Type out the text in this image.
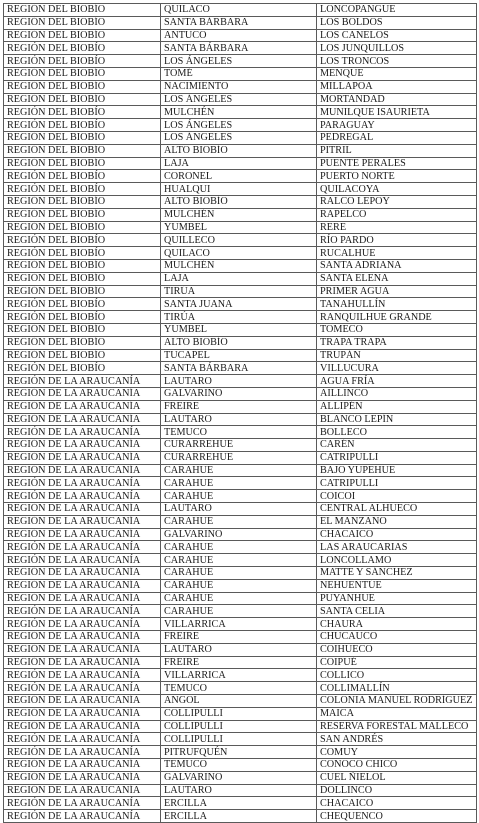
REGIÓN DEL BIOBÍO	QUILACO	LONCOPANGUE
REGIÓN DEL BIOBÍO	SANTA BÁRBARA	LOS BOLDOS
REGIÓN DEL BIOBÍO	ANTUCO	LOS CANELOS
REGIÓN DEL BIOBÍO	SANTA BÁRBARA	LOS JUNQUILLOS
REGIÓN DEL BIOBÍO	LOS ÁNGELES	LOS TRONCOS
REGIÓN DEL BIOBÍO	TOMÉ	MENQUE
REGIÓN DEL BIOBÍO	NACIMIENTO	MILLAPOA
REGIÓN DEL BIOBÍO	LOS ÁNGELES	MORTANDAD
REGIÓN DEL BIOBÍO	MULCHÉN	MUNILQUE ISAURIETA
REGIÓN DEL BIOBÍO	LOS ÁNGELES	PARAGUAY
REGIÓN DEL BIOBÍO	LOS ÁNGELES	PEDREGAL
REGIÓN DEL BIOBÍO	ALTO BIOBÍO	PITRIL
REGIÓN DEL BIOBÍO	LAJA	PUENTE PERALES
REGIÓN DEL BIOBÍO	CORONEL	PUERTO NORTE
REGIÓN DEL BIOBÍO	HUALQUI	QUILACOYA
REGIÓN DEL BIOBÍO	ALTO BIOBÍO	RALCO LEPOY
REGIÓN DEL BIOBÍO	MULCHÉN	RAPELCO
REGIÓN DEL BIOBÍO	YUMBEL	RERE
REGIÓN DEL BIOBÍO	QUILLECO	RÍO PARDO
REGIÓN DEL BIOBÍO	QUILACO	RUCALHUE
REGIÓN DEL BIOBÍO	MULCHÉN	SANTA ADRIANA
REGIÓN DEL BIOBÍO	LAJA	SANTA ELENA
REGIÓN DEL BIOBÍO	TIRÚA	PRIMER AGUA
REGIÓN DEL BIOBÍO	SANTA JUANA	TANAHULLÍN
REGIÓN DEL BIOBÍO	TIRÚA	RANQUILHUE GRANDE
REGIÓN DEL BIOBÍO	YUMBEL	TOMECO
REGIÓN DEL BIOBÍO	ALTO BIOBÍO	TRAPA TRAPA
REGIÓN DEL BIOBÍO	TUCAPEL	TRUPÁN
REGIÓN DEL BIOBÍO	SANTA BÁRBARA	VILLUCURA
REGIÓN DE LA ARAUCANÍA	LAUTARO	AGUA FRÍA
REGIÓN DE LA ARAUCANÍA	GALVARINO	AILLINCO
REGIÓN DE LA ARAUCANÍA	FREIRE	ALLIPÉN
REGIÓN DE LA ARAUCANÍA	LAUTARO	BLANCO LEPÍN
REGIÓN DE LA ARAUCANÍA	TEMUCO	BOLLECO
REGIÓN DE LA ARAUCANÍA	CURARREHUE	CARÉN
REGIÓN DE LA ARAUCANÍA	CURARREHUE	CATRIPULLI
REGIÓN DE LA ARAUCANÍA	CARAHUE	BAJO YUPEHUE
REGIÓN DE LA ARAUCANÍA	CARAHUE	CATRIPULLI
REGIÓN DE LA ARAUCANÍA	CARAHUE	COICOI
REGIÓN DE LA ARAUCANÍA	LAUTARO	CENTRAL ALHUECO
REGIÓN DE LA ARAUCANÍA	CARAHUE	EL MANZANO
REGIÓN DE LA ARAUCANÍA	GALVARINO	CHACAICO
REGIÓN DE LA ARAUCANÍA	CARAHUE	LAS ARAUCARIAS
REGIÓN DE LA ARAUCANÍA	CARAHUE	LONCOLLAMO
REGIÓN DE LA ARAUCANÍA	CARAHUE	MATTE Y SÁNCHEZ
REGIÓN DE LA ARAUCANÍA	CARAHUE	NEHUENTÚE
REGIÓN DE LA ARAUCANÍA	CARAHUE	PUYANHUE
REGIÓN DE LA ARAUCANÍA	CARAHUE	SANTA CELIA
REGIÓN DE LA ARAUCANÍA	VILLARRICA	CHAURA
REGIÓN DE LA ARAUCANÍA	FREIRE	CHUCAUCO
REGIÓN DE LA ARAUCANÍA	LAUTARO	COIHUECO
REGIÓN DE LA ARAUCANÍA	FREIRE	COIPUÉ
REGIÓN DE LA ARAUCANÍA	VILLARRICA	COLLICO
REGIÓN DE LA ARAUCANÍA	TEMUCO	COLLIMALLÍN
REGIÓN DE LA ARAUCANÍA	ANGOL	COLONIA MANUEL RODRÍGUEZ
REGIÓN DE LA ARAUCANÍA	COLLIPULLI	MAICA
REGIÓN DE LA ARAUCANÍA	COLLIPULLI	RESERVA FORESTAL MALLECO
REGIÓN DE LA ARAUCANÍA	COLLIPULLI	SAN ANDRÉS
REGIÓN DE LA ARAUCANÍA	PITRUFQUÉN	COMUY
REGIÓN DE LA ARAUCANÍA	TEMUCO	CONOCO CHICO
REGIÓN DE LA ARAUCANÍA	GALVARINO	CUEL ÑIELOL
REGIÓN DE LA ARAUCANÍA	LAUTARO	DOLLINCO
REGIÓN DE LA ARAUCANÍA	ERCILLA	CHACAICO
REGIÓN DE LA ARAUCANÍA	ERCILLA	CHEQUENCO
